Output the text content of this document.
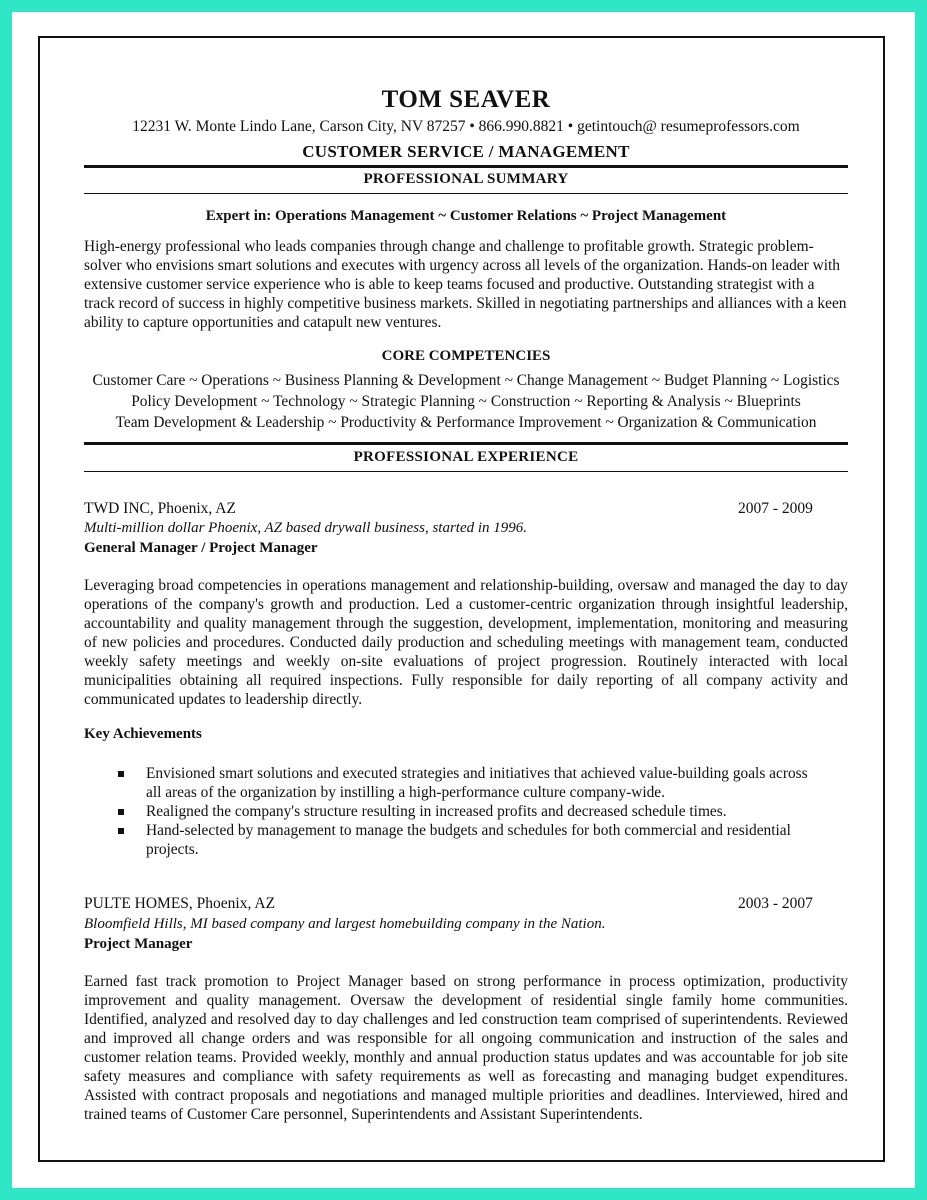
TOM SEAVER
12231 W. Monte Lindo Lane, Carson City, NV 87257 • 866.990.8821 • getintouch@ resumeprofessors.com
CUSTOMER SERVICE / MANAGEMENT
PROFESSIONAL SUMMARY
Expert in: Operations Management ~ Customer Relations ~ Project Management
High-energy professional who leads companies through change and challenge to profitable growth. Strategic problem-solver who envisions smart solutions and executes with urgency across all levels of the organization. Hands-on leader with extensive customer service experience who is able to keep teams focused and productive. Outstanding strategist with a track record of success in highly competitive business markets. Skilled in negotiating partnerships and alliances with a keen ability to capture opportunities and catapult new ventures.
CORE COMPETENCIES
Customer Care ~ Operations ~ Business Planning & Development ~ Change Management ~ Budget Planning ~ Logistics
Policy Development ~ Technology ~ Strategic Planning ~ Construction ~ Reporting & Analysis ~ Blueprints
Team Development & Leadership ~ Productivity & Performance Improvement ~ Organization & Communication
PROFESSIONAL EXPERIENCE
TWD INC, Phoenix, AZ	2007 - 2009
Multi-million dollar Phoenix, AZ based drywall business, started in 1996.
General Manager / Project Manager
Leveraging broad competencies in operations management and relationship-building, oversaw and managed the day to day operations of the company's growth and production. Led a customer-centric organization through insightful leadership, accountability and quality management through the suggestion, development, implementation, monitoring and measuring of new policies and procedures. Conducted daily production and scheduling meetings with management team, conducted weekly safety meetings and weekly on-site evaluations of project progression. Routinely interacted with local municipalities obtaining all required inspections. Fully responsible for daily reporting of all company activity and communicated updates to leadership directly.
Key Achievements
Envisioned smart solutions and executed strategies and initiatives that achieved value-building goals across all areas of the organization by instilling a high-performance culture company-wide.
Realigned the company's structure resulting in increased profits and decreased schedule times.
Hand-selected by management to manage the budgets and schedules for both commercial and residential projects.
PULTE HOMES, Phoenix, AZ	2003 - 2007
Bloomfield Hills, MI based company and largest homebuilding company in the Nation.
Project Manager
Earned fast track promotion to Project Manager based on strong performance in process optimization, productivity improvement and quality management. Oversaw the development of residential single family home communities. Identified, analyzed and resolved day to day challenges and led construction team comprised of superintendents. Reviewed and improved all change orders and was responsible for all ongoing communication and instruction of the sales and customer relation teams. Provided weekly, monthly and annual production status updates and was accountable for job site safety measures and compliance with safety requirements as well as forecasting and managing budget expenditures. Assisted with contract proposals and negotiations and managed multiple priorities and deadlines. Interviewed, hired and trained teams of Customer Care personnel, Superintendents and Assistant Superintendents.
